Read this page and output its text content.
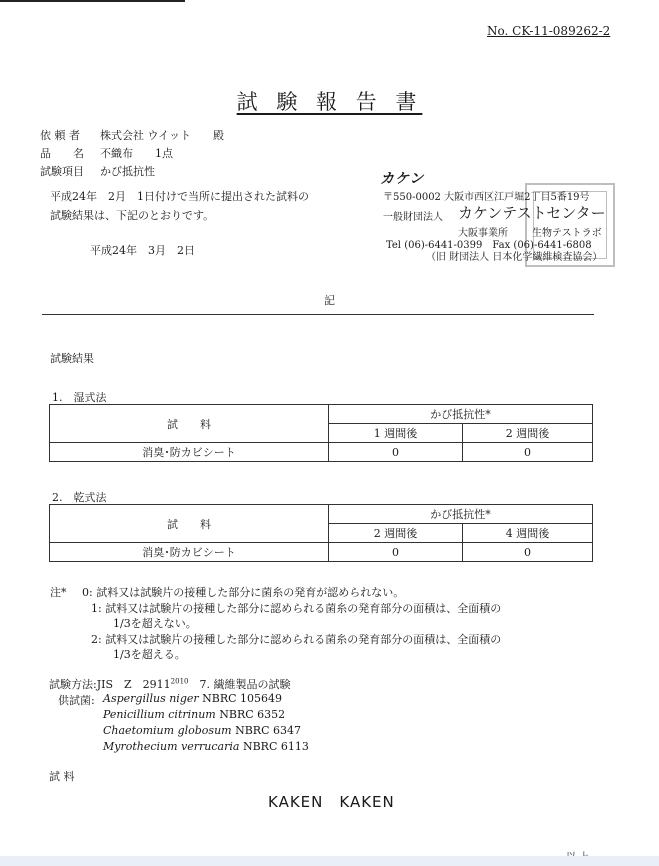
No. CK-11-089262-2
試 験 報 告 書
依 頼 者 株式会社 ウイット　　殿
品　　名 不織布　　1点
試験項目 かび抵抗性
平成24年　2月　1日付けで当所に提出された試料の
試験結果は、下記のとおりです。
平成24年　3月　2日
カケン
〒550-0002 大阪市西区江戸堀2丁目5番19号
一般財団法人 カケンテストセンター
大阪事業所 生物テストラボ
Tel (06)-6441-0399　Fax (06)-6441-6808
（旧 財団法人 日本化学繊維検査協会）
記
試験結果
1.　湿式法
試　　料	かび抵抗性*	
	1 週間後	2 週間後
消臭･防カビシート	0	0
2.　乾式法
試　　料	かび抵抗性*	
	2 週間後	4 週間後
消臭･防カビシート	0	0
注* 0: 試料又は試験片の接種した部分に菌糸の発育が認められない。
1: 試料又は試験片の接種した部分に認められる菌糸の発育部分の面積は、全面積の
1/3を超えない。
2: 試料又は試験片の接種した部分に認められる菌糸の発育部分の面積は、全面積の
1/3を超える。
試験方法:JIS　Z　$2911^{2010}$　7. 繊維製品の試験
供試菌: Aspergillus niger NBRC 105649
Penicillium citrinum NBRC 6352
Chaetomium globosum NBRC 6347
Myrothecium verrucaria NBRC 6113
試 料
KAKEN　KAKEN
